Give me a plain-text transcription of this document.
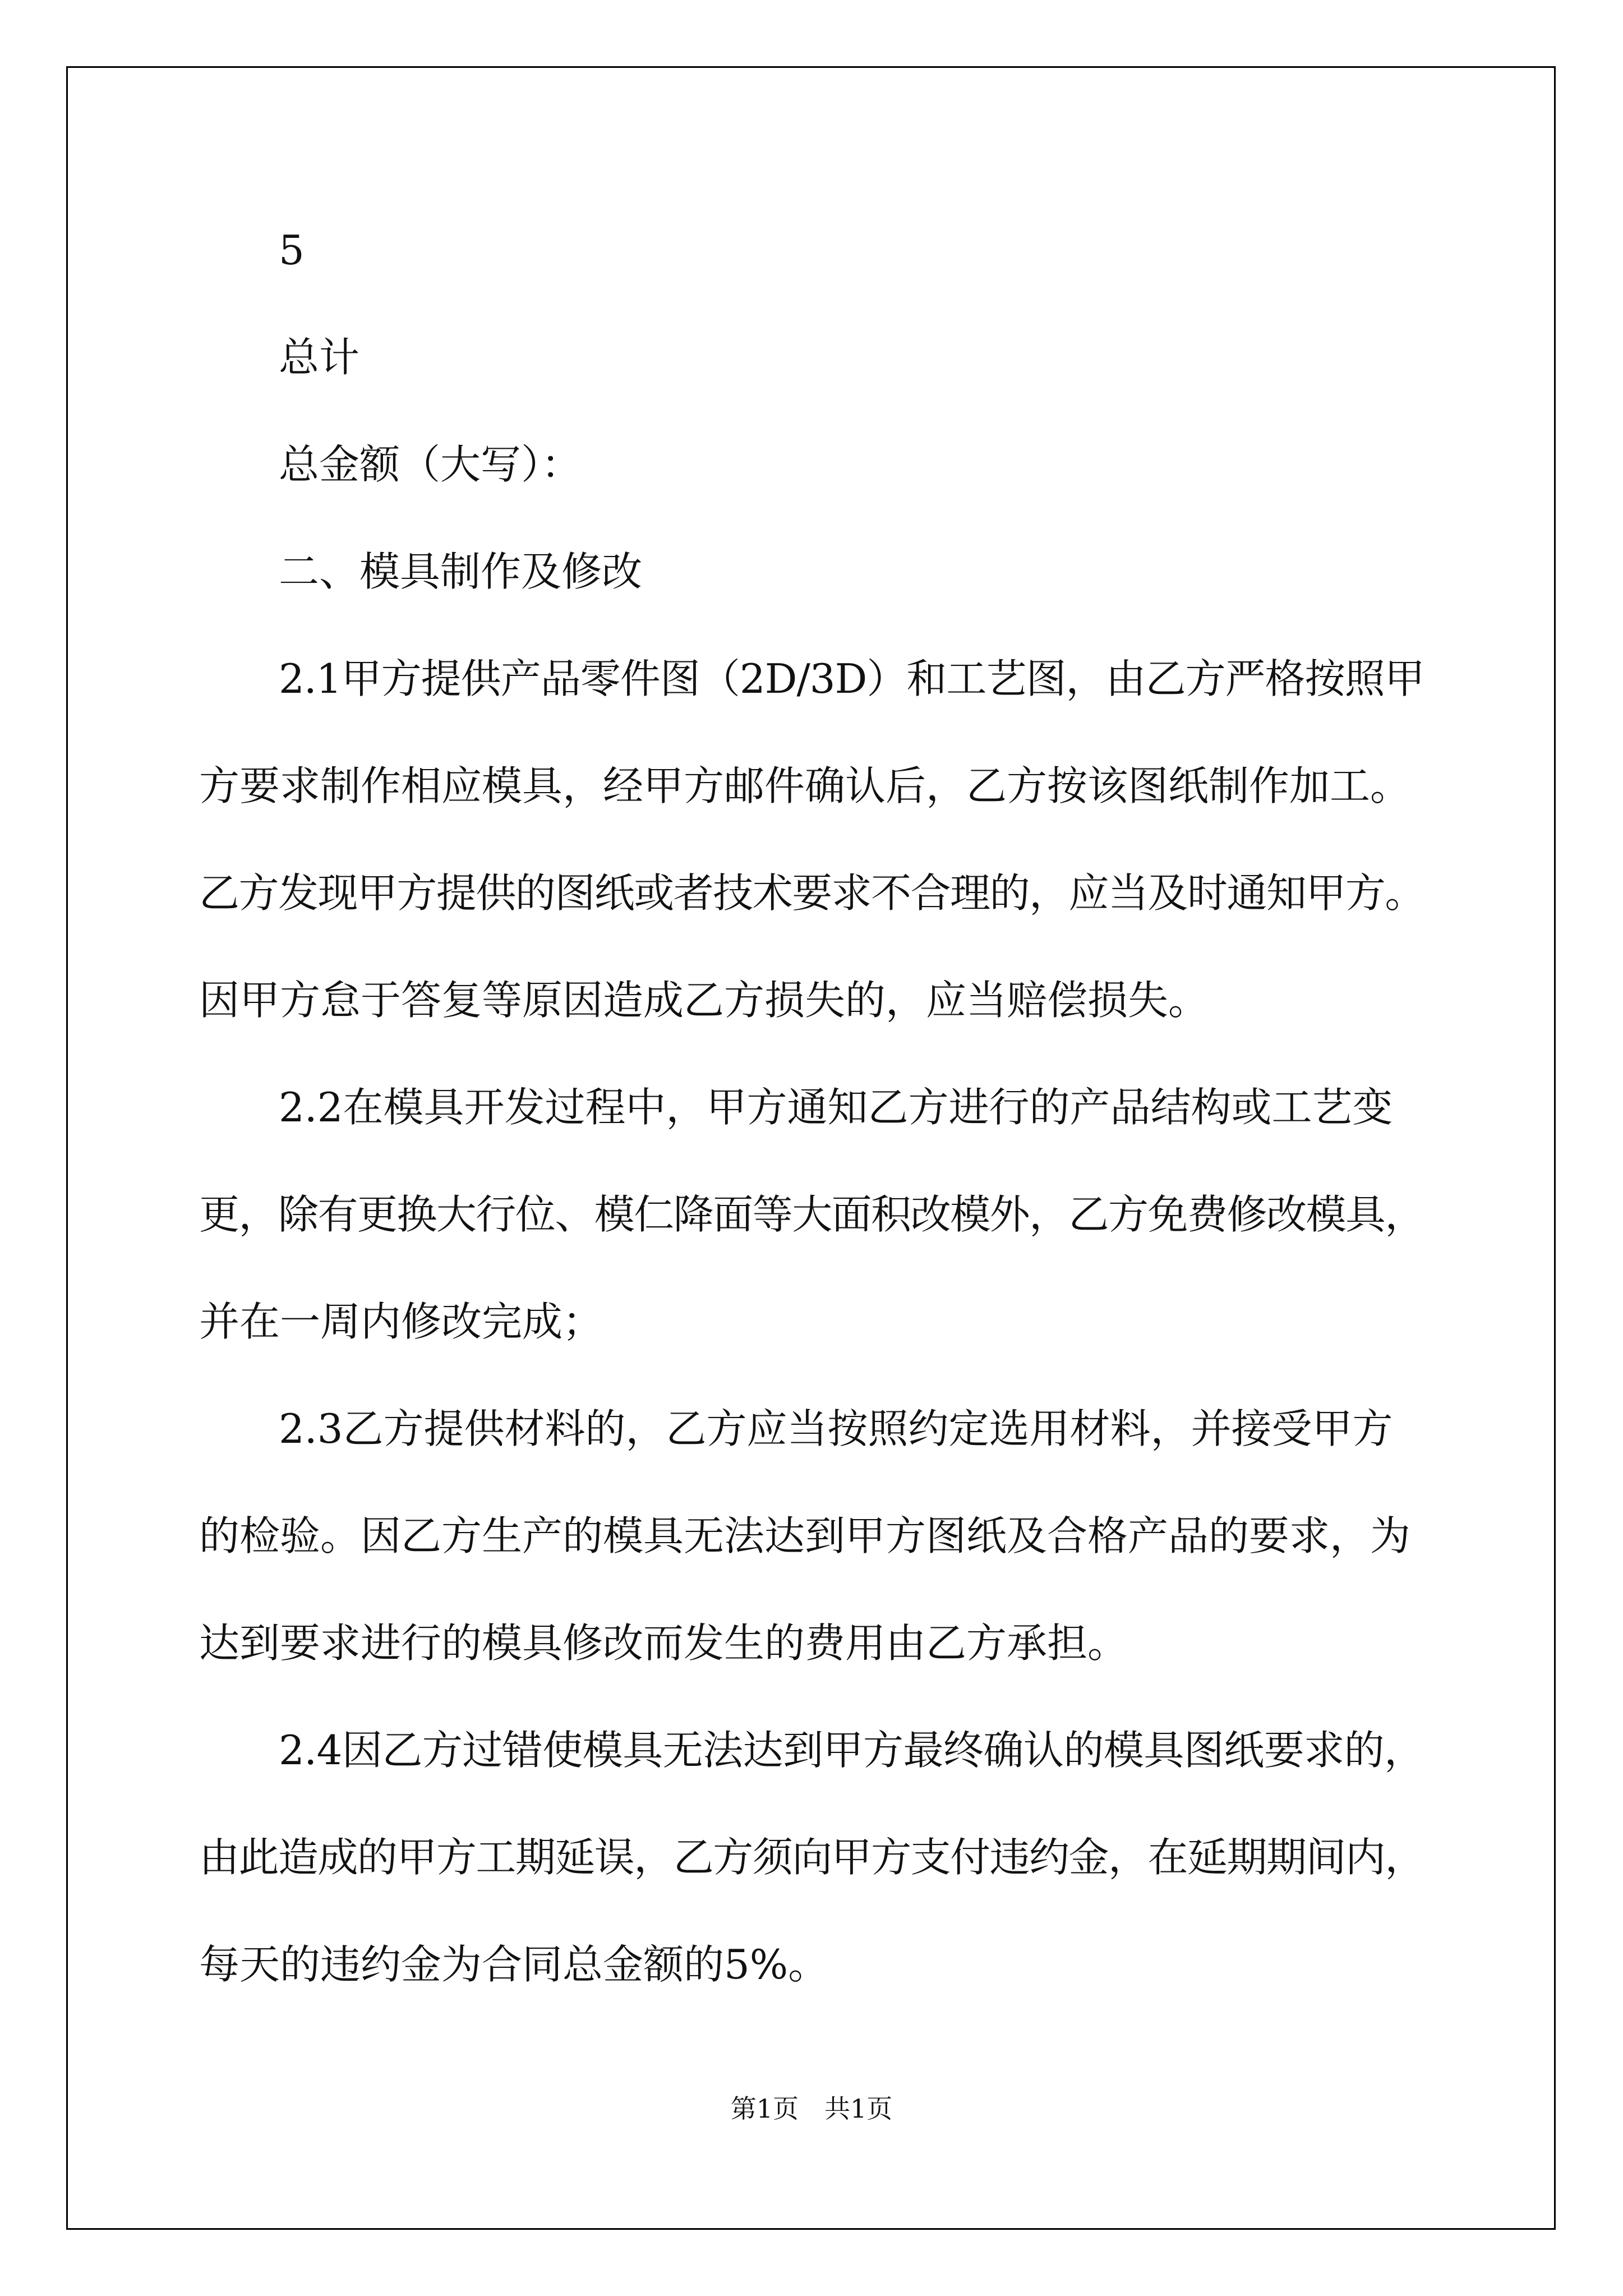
5

总计

总金额（大写）：

二、模具制作及修改

2.1甲方提供产品零件图（2D/3D）和工艺图，由乙方严格按照甲

方要求制作相应模具，经甲方邮件确认后，乙方按该图纸制作加工。

乙方发现甲方提供的图纸或者技术要求不合理的，应当及时通知甲方。

因甲方怠于答复等原因造成乙方损失的，应当赔偿损失。

2.2在模具开发过程中，甲方通知乙方进行的产品结构或工艺变

更，除有更换大行位、模仁降面等大面积改模外，乙方免费修改模具，

并在一周内修改完成；

2.3乙方提供材料的，乙方应当按照约定选用材料，并接受甲方

的检验。因乙方生产的模具无法达到甲方图纸及合格产品的要求，为

达到要求进行的模具修改而发生的费用由乙方承担。

2.4因乙方过错使模具无法达到甲方最终确认的模具图纸要求的，

由此造成的甲方工期延误，乙方须向甲方支付违约金，在延期期间内，

每天的违约金为合同总金额的5%。

第1页　共1页
